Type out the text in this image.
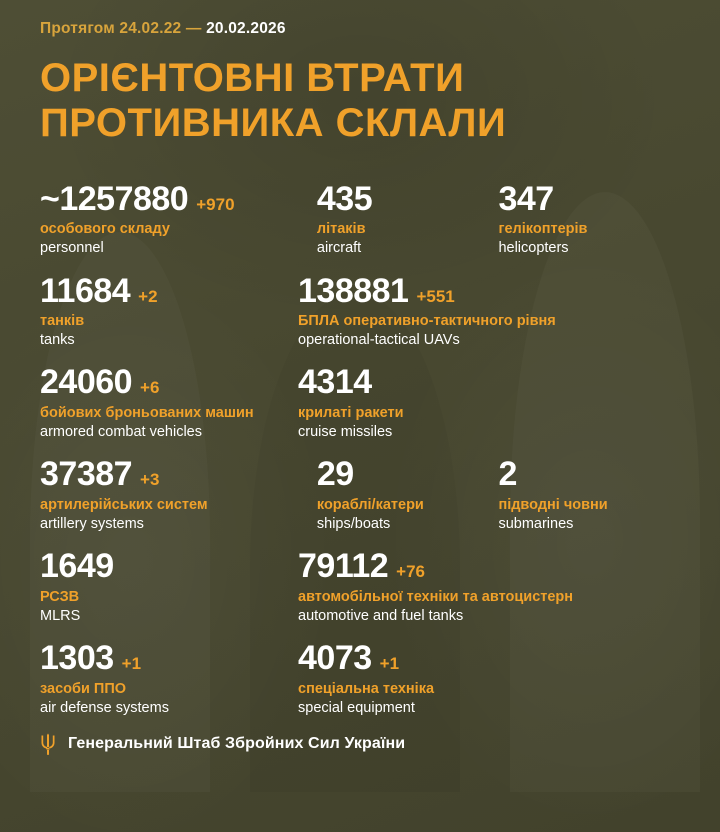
Протягом 24.02.22 — 20.02.2026
ОРІЄНТОВНІ ВТРАТИ
ПРОТИВНИКА СКЛАЛИ
~1257880 +970
особового складу
personnel
435
літаків
aircraft
347
гелікоптерів
helicopters
11684 +2
танків
tanks
138881 +551
БПЛА оперативно-тактичного рівня
operational-tactical UAVs
24060 +6
бойових броньованих машин
armored combat vehicles
4314
крилаті ракети
cruise missiles
37387 +3
артилерійських систем
artillery systems
29
кораблі/катери
ships/boats
2
підводні човни
submarines
1649
РСЗВ
MLRS
79112 +76
автомобільної техніки та автоцистерн
automotive and fuel tanks
1303 +1
засоби ППО
air defense systems
4073 +1
спеціальна техніка
special equipment
Генеральний Штаб Збройних Сил України
